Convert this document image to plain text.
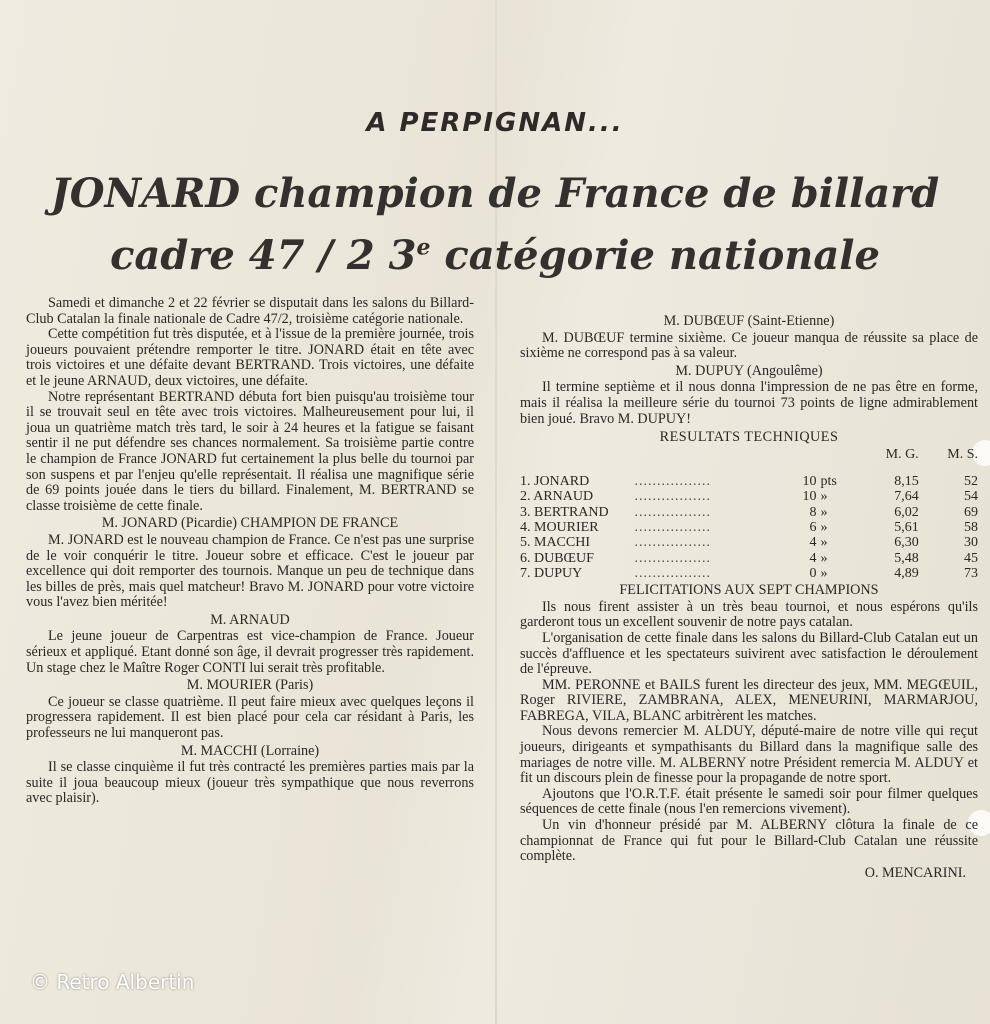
A PERPIGNAN...
JONARD champion de France de billard
cadre 47 / 2 3e catégorie nationale

Samedi et dimanche 2 et 22 février se disputait dans les salons du Billard-Club Catalan la finale nationale de Cadre 47/2, troisième catégorie nationale.

Cette compétition fut très disputée, et à l'issue de la première journée, trois joueurs pouvaient prétendre remporter le titre. JONARD était en tête avec trois victoires et une défaite devant BERTRAND. Trois victoires, une défaite et le jeune ARNAUD, deux victoires, une défaite.

Notre représentant BERTRAND débuta fort bien puisqu'au troisième tour il se trouvait seul en tête avec trois victoires. Malheureusement pour lui, il joua un quatrième match très tard, le soir à 24 heures et la fatigue se faisant sentir il ne put défendre ses chances normalement. Sa troisième partie contre le champion de France JONARD fut certainement la plus belle du tournoi par son suspens et par l'enjeu qu'elle représentait. Il réalisa une magnifique série de 69 points jouée dans le tiers du billard. Finalement, M. BERTRAND se classe troisième de cette finale.

M. JONARD (Picardie) CHAMPION DE FRANCE

M. JONARD est le nouveau champion de France. Ce n'est pas une surprise de le voir conquérir le titre. Joueur sobre et efficace. C'est le joueur par excellence qui doit remporter des tournois. Manque un peu de technique dans les billes de près, mais quel matcheur! Bravo M. JONARD pour votre victoire vous l'avez bien méritée!

M. ARNAUD

Le jeune joueur de Carpentras est vice-champion de France. Joueur sérieux et appliqué. Etant donné son âge, il devrait progresser très rapidement. Un stage chez le Maître Roger CONTI lui serait très profitable.

M. MOURIER (Paris)

Ce joueur se classe quatrième. Il peut faire mieux avec quelques leçons il progressera rapidement. Il est bien placé pour cela car résidant à Paris, les professeurs ne lui manqueront pas.

M. MACCHI (Lorraine)

Il se classe cinquième il fut très contracté les premières parties mais par la suite il joua beaucoup mieux (joueur très sympathique que nous reverrons avec plaisir).

M. DUBŒUF (Saint-Etienne)

M. DUBŒUF termine sixième. Ce joueur manqua de réussite sa place de sixième ne correspond pas à sa valeur.

M. DUPUY (Angoulême)

Il termine septième et il nous donna l'impression de ne pas être en forme, mais il réalisa la meilleure série du tournoi 73 points de ligne admirablement bien joué. Bravo M. DUPUY!

RESULTATS TECHNIQUES
				M. G.	M. S.
1. JONARD	.................	10	pts	8,15	52
2. ARNAUD	.................	10	»	7,64	54
3. BERTRAND	.................	8	»	6,02	69
4. MOURIER	.................	6	»	5,61	58
5. MACCHI	.................	4	»	6,30	30
6. DUBŒUF	.................	4	»	5,48	45
7. DUPUY	.................	0	»	4,89	73
FELICITATIONS AUX SEPT CHAMPIONS

Ils nous firent assister à un très beau tournoi, et nous espérons qu'ils garderont tous un excellent souvenir de notre pays catalan.

L'organisation de cette finale dans les salons du Billard-Club Catalan eut un succès d'affluence et les spectateurs suivirent avec satisfaction le déroulement de l'épreuve.

MM. PERONNE et BAILS furent les directeur des jeux, MM. MEGŒUIL, Roger RIVIERE, ZAMBRANA, ALEX, MENEURINI, MARMARJOU, FABREGA, VILA, BLANC arbitrèrent les matches.

Nous devons remercier M. ALDUY, député-maire de notre ville qui reçut joueurs, dirigeants et sympathisants du Billard dans la magnifique salle des mariages de notre ville. M. ALBERNY notre Président remercia M. ALDUY et fit un discours plein de finesse pour la propagande de notre sport.

Ajoutons que l'O.R.T.F. était présente le samedi soir pour filmer quelques séquences de cette finale (nous l'en remercions vivement).

Un vin d'honneur présidé par M. ALBERNY clôtura la finale de ce championnat de France qui fut pour le Billard-Club Catalan une réussite complète.

O. MENCARINI.
© Retro Albertin
